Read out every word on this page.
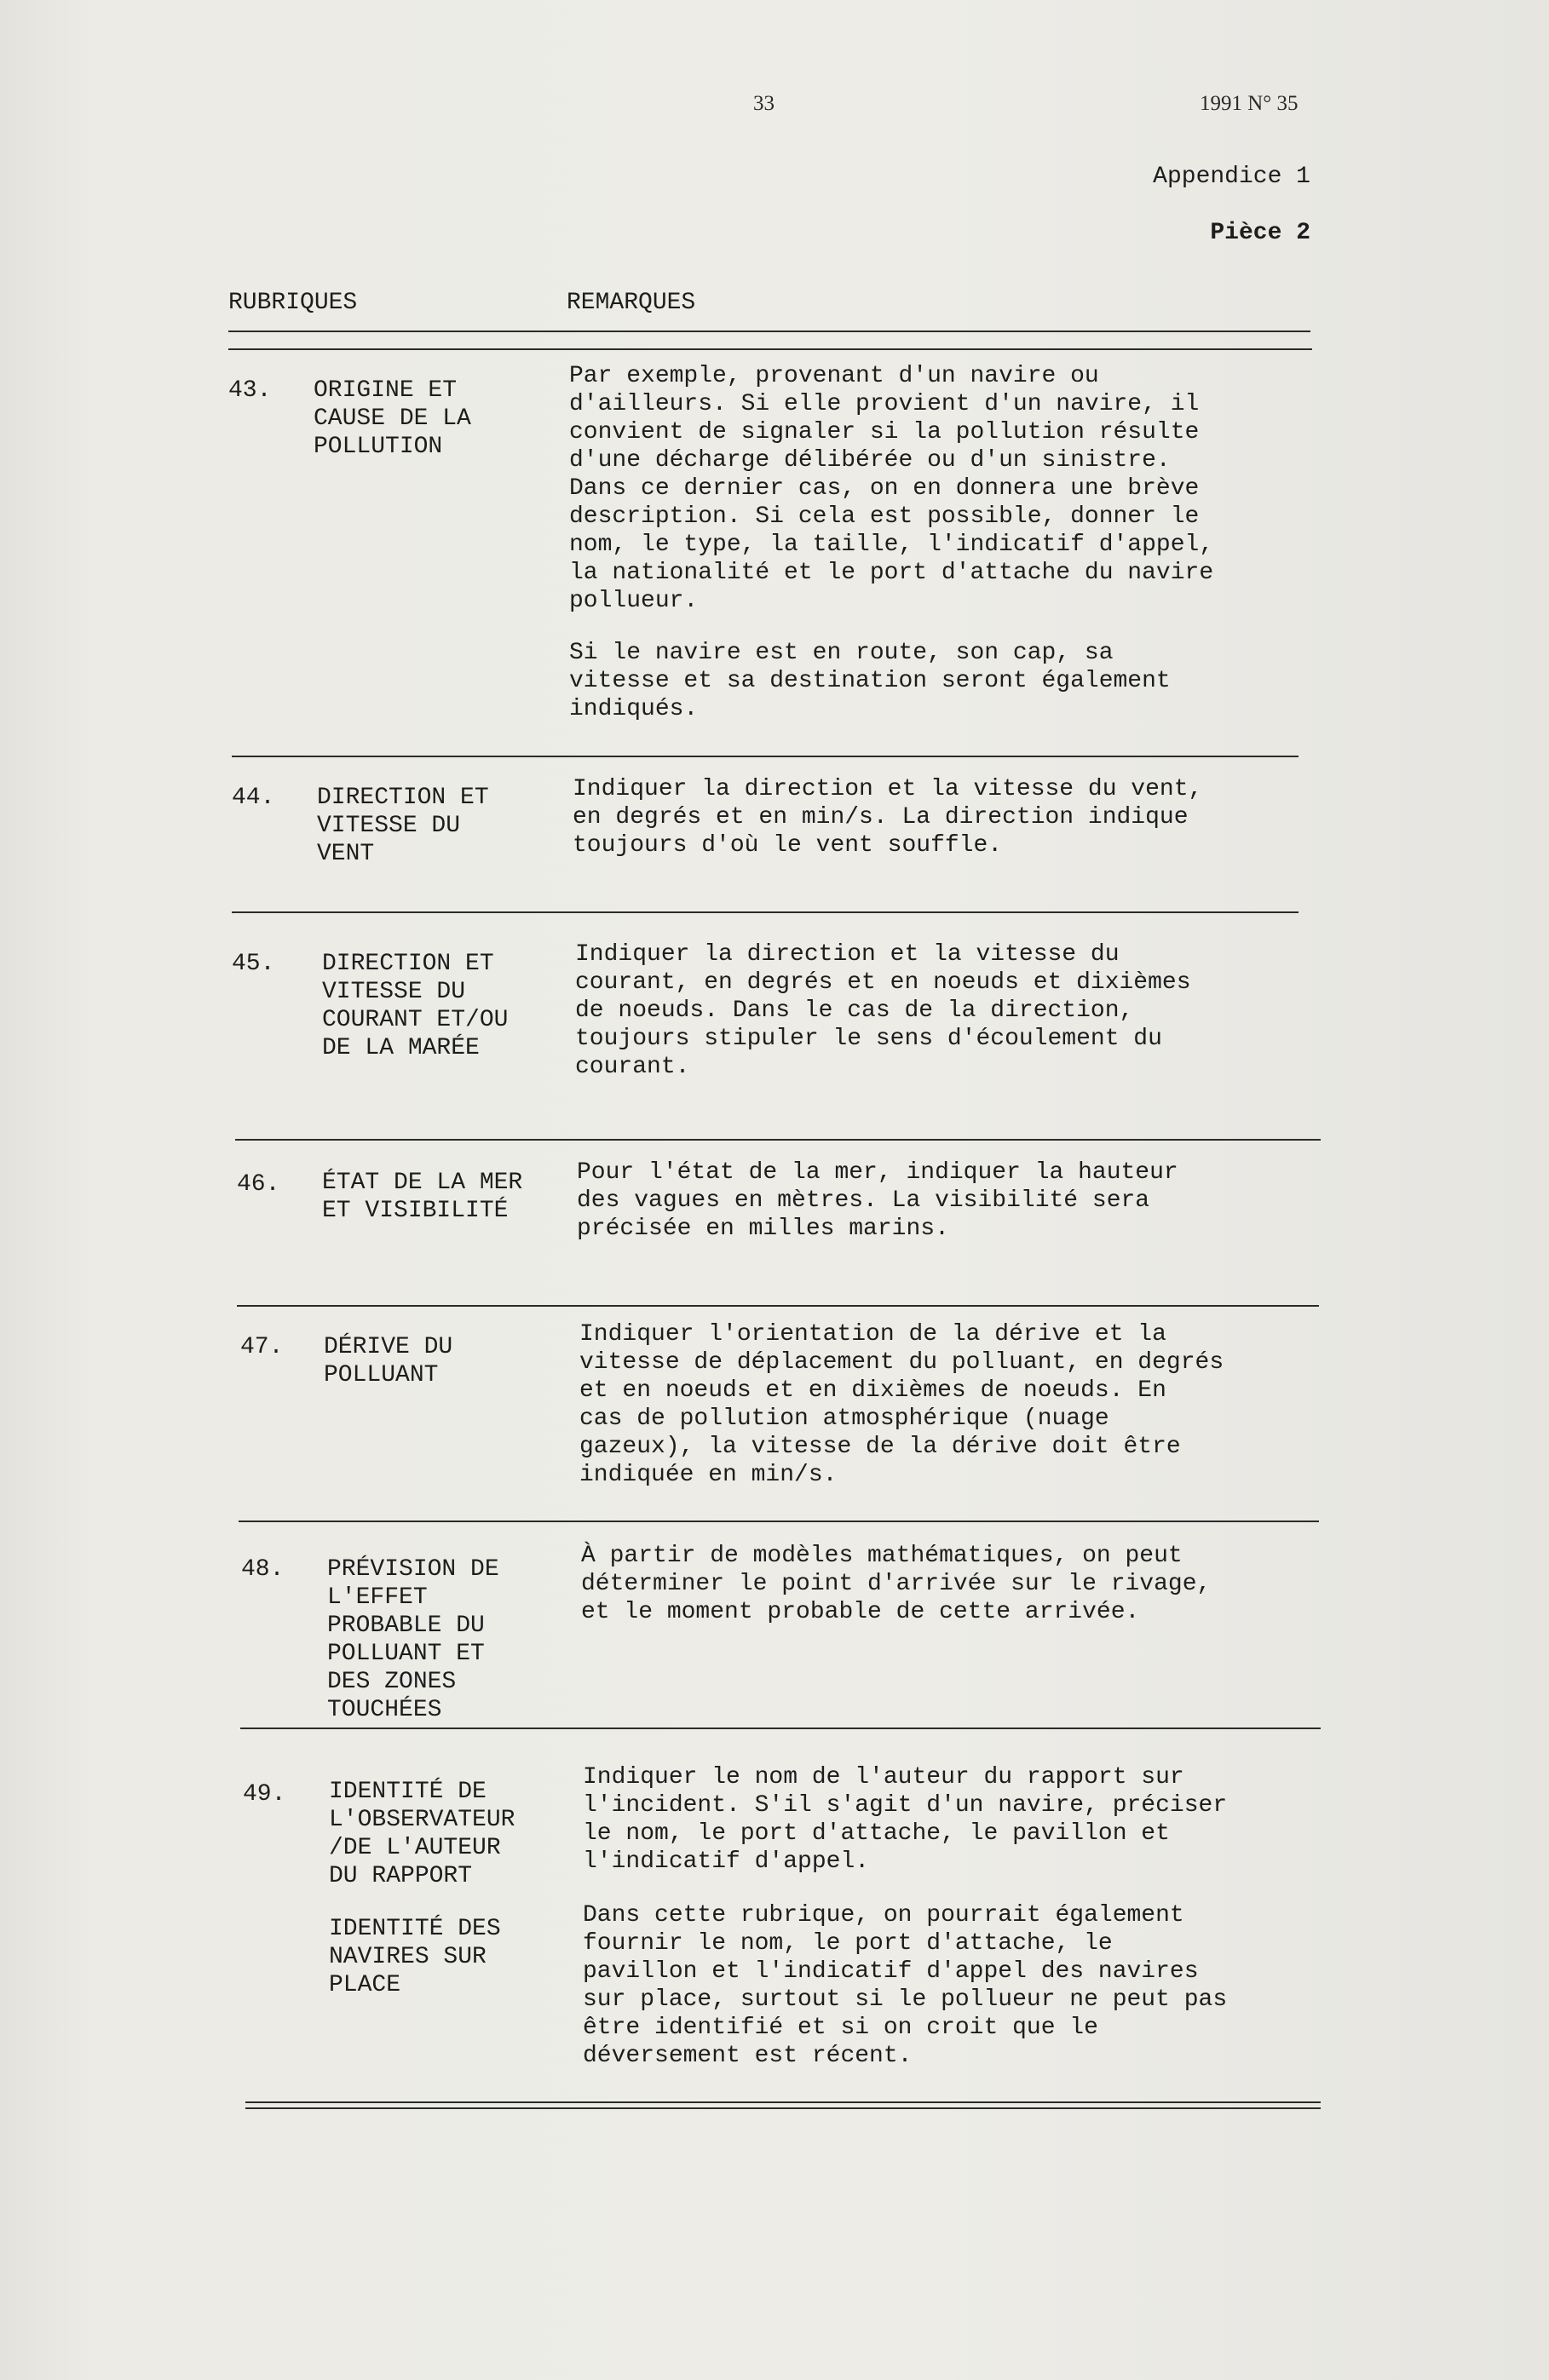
33	1991 N° 35
Appendice 1
Pièce 2
RUBRIQUES	REMARQUES
43. ORIGINE ET
CAUSE DE LA
POLLUTION
Par exemple, provenant d'un navire ou
d'ailleurs. Si elle provient d'un navire, il
convient de signaler si la pollution résulte
d'une décharge délibérée ou d'un sinistre.
Dans ce dernier cas, on en donnera une brève
description. Si cela est possible, donner le
nom, le type, la taille, l'indicatif d'appel,
la nationalité et le port d'attache du navire
pollueur.
Si le navire est en route, son cap, sa
vitesse et sa destination seront également
indiqués.
44. DIRECTION ET
VITESSE DU
VENT
Indiquer la direction et la vitesse du vent,
en degrés et en min/s. La direction indique
toujours d'où le vent souffle.
45. DIRECTION ET
VITESSE DU
COURANT ET/OU
DE LA MARÉE
Indiquer la direction et la vitesse du
courant, en degrés et en noeuds et dixièmes
de noeuds. Dans le cas de la direction,
toujours stipuler le sens d'écoulement du
courant.
46. ÉTAT DE LA MER
ET VISIBILITÉ
Pour l'état de la mer, indiquer la hauteur
des vagues en mètres. La visibilité sera
précisée en milles marins.
47. DÉRIVE DU
POLLUANT
Indiquer l'orientation de la dérive et la
vitesse de déplacement du polluant, en degrés
et en noeuds et en dixièmes de noeuds. En
cas de pollution atmosphérique (nuage
gazeux), la vitesse de la dérive doit être
indiquée en min/s.
48. PRÉVISION DE
L'EFFET
PROBABLE DU
POLLUANT ET
DES ZONES
TOUCHÉES
À partir de modèles mathématiques, on peut
déterminer le point d'arrivée sur le rivage,
et le moment probable de cette arrivée.
49. IDENTITÉ DE
L'OBSERVATEUR
/DE L'AUTEUR
DU RAPPORT
Indiquer le nom de l'auteur du rapport sur
l'incident. S'il s'agit d'un navire, préciser
le nom, le port d'attache, le pavillon et
l'indicatif d'appel.
IDENTITÉ DES
NAVIRES SUR
PLACE
Dans cette rubrique, on pourrait également
fournir le nom, le port d'attache, le
pavillon et l'indicatif d'appel des navires
sur place, surtout si le pollueur ne peut pas
être identifié et si on croit que le
déversement est récent.
